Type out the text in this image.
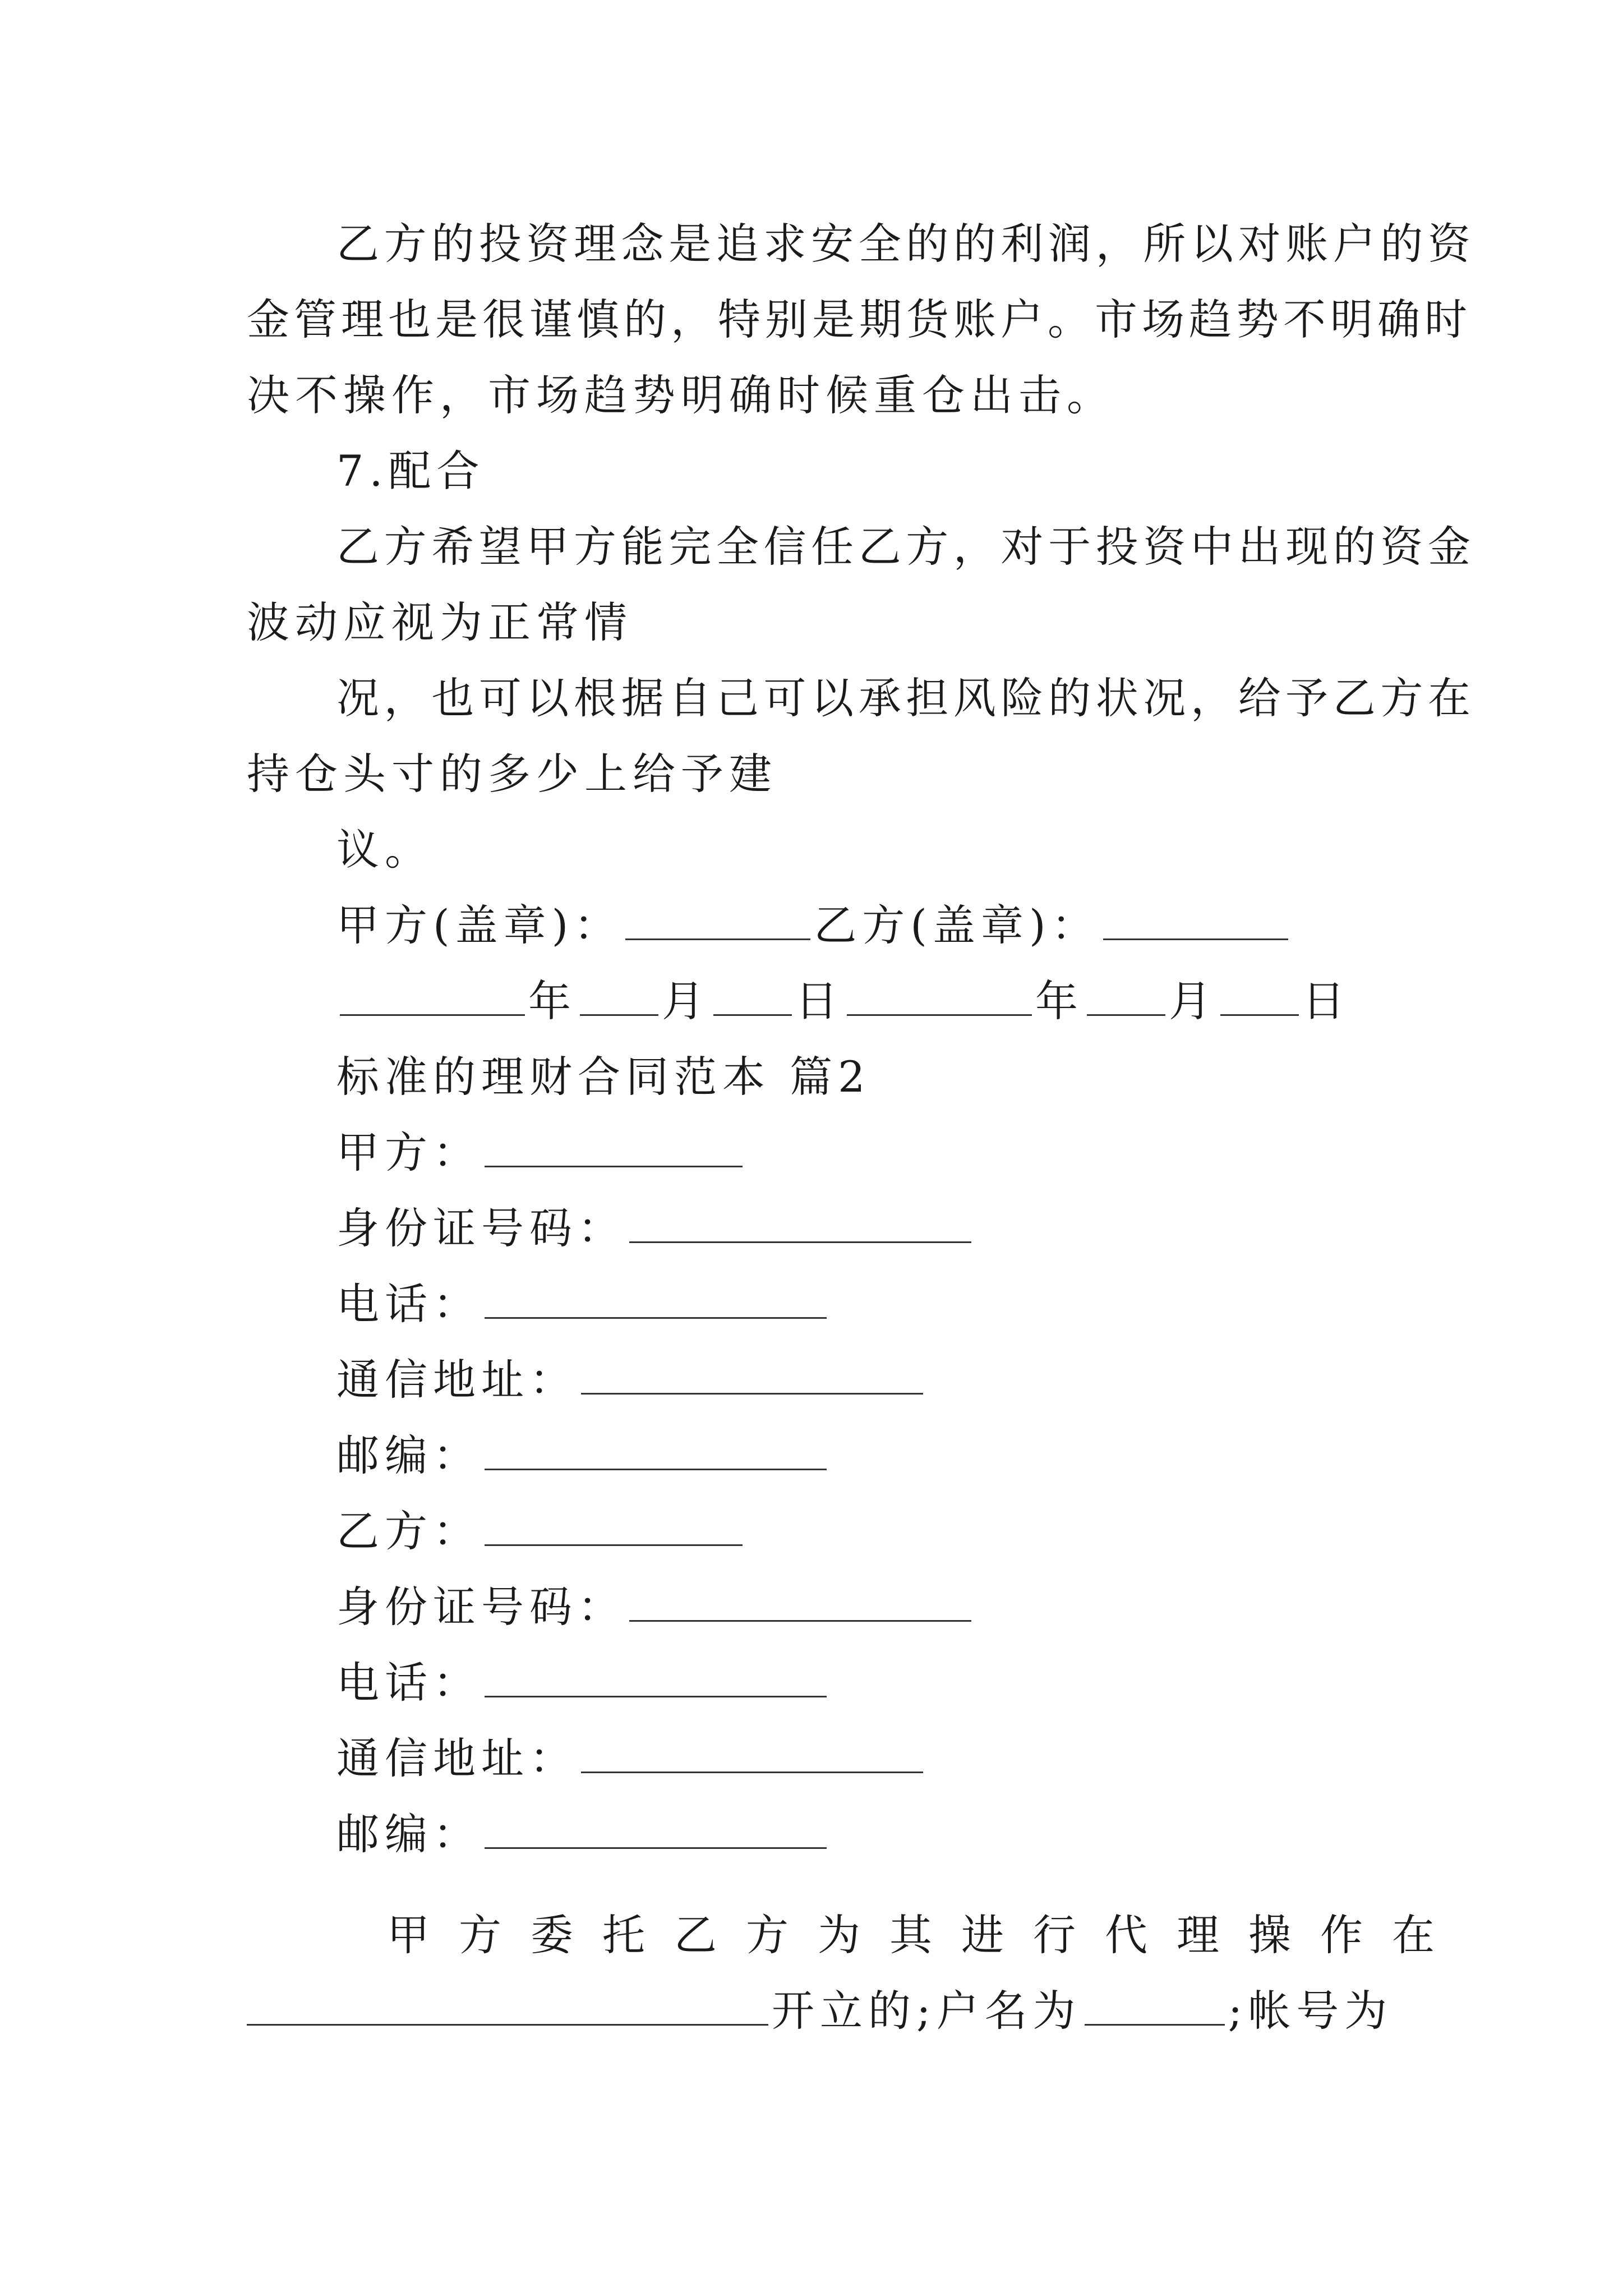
乙方的投资理念是追求安全的的利润，所以对账户的资
金管理也是很谨慎的，特别是期货账户。市场趋势不明确时
决不操作，市场趋势明确时候重仓出击。
7.配合
乙方希望甲方能完全信任乙方，对于投资中出现的资金
波动应视为正常情
况，也可以根据自己可以承担风险的状况，给予乙方在
持仓头寸的多少上给予建
议。
甲方(盖章)：	乙方(盖章)：
年 月 日	年 月 日
标准的理财合同范本 篇2
甲方：
身份证号码：
电话：
通信地址：
邮编：
乙方：
身份证号码：
电话：
通信地址：
邮编：
甲方委托乙方为其进行代理操作在
开立的;户名为	;帐号为
